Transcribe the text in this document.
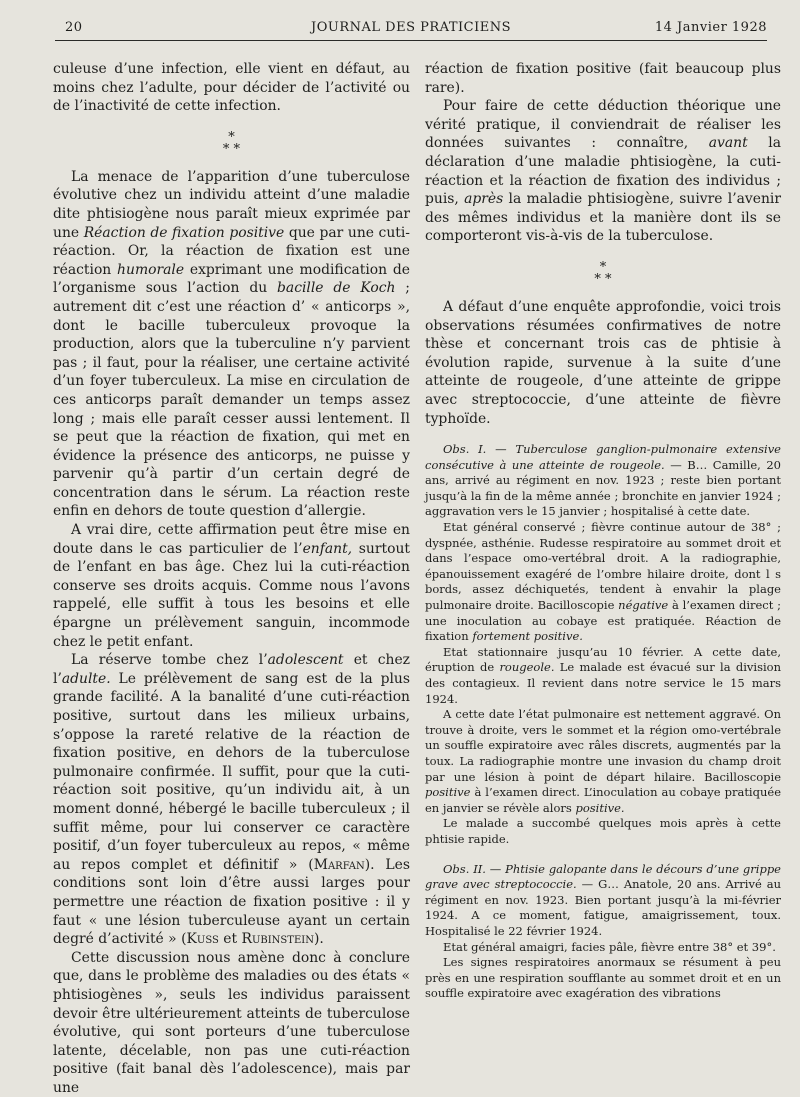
20	JOURNAL DES PRATICIENS	14 Janvier 1928

culeuse d’une infection, elle vient en défaut, au moins chez l’adulte, pour décider de l’activité ou de l’inactivité de cette infection.

*
* *

La menace de l’apparition d’une tuberculose évolutive chez un individu atteint d’une maladie dite phtisiogène nous paraît mieux exprimée par une Réaction de fixation positive que par une cuti-réaction. Or, la réaction de fixation est une réaction humorale exprimant une modification de l’organisme sous l’action du bacille de Koch ; autrement dit c’est une réaction d’ « anticorps », dont le bacille tuberculeux provoque la production, alors que la tuberculine n’y parvient pas ; il faut, pour la réaliser, une certaine activité d’un foyer tuberculeux. La mise en circulation de ces anticorps paraît demander un temps assez long ; mais elle paraît cesser aussi lentement. Il se peut que la réaction de fixation, qui met en évidence la présence des anticorps, ne puisse y parvenir qu’à partir d’un certain degré de concentration dans le sérum. La réaction reste enfin en dehors de toute question d’allergie.

A vrai dire, cette affirmation peut être mise en doute dans le cas particulier de l’enfant, surtout de l’enfant en bas âge. Chez lui la cuti-réaction conserve ses droits acquis. Comme nous l’avons rappelé, elle suffit à tous les besoins et elle épargne un prélèvement sanguin, incommode chez le petit enfant.

La réserve tombe chez l’adolescent et chez l’adulte. Le prélèvement de sang est de la plus grande facilité. A la banalité d’une cuti-réaction positive, surtout dans les milieux urbains, s’oppose la rareté relative de la réaction de fixation positive, en dehors de la tuberculose pulmonaire confirmée. Il suffit, pour que la cuti-réaction soit positive, qu’un individu ait, à un moment donné, hébergé le bacille tuberculeux ; il suffit même, pour lui conserver ce caractère positif, d’un foyer tuberculeux au repos, « même au repos complet et définitif » (Marfan). Les conditions sont loin d’être aussi larges pour permettre une réaction de fixation positive : il y faut « une lésion tuberculeuse ayant un certain degré d’activité » (Kuss et Rubinstein).

Cette discussion nous amène donc à conclure que, dans le problème des maladies ou des états « phtisiogènes », seuls les individus paraissent devoir être ultérieurement atteints de tuberculose évolutive, qui sont porteurs d’une tuberculose latente, décelable, non pas une cuti-réaction positive (fait banal dès l’adolescence), mais par une

réaction de fixation positive (fait beaucoup plus rare).

Pour faire de cette déduction théorique une vérité pratique, il conviendrait de réaliser les données suivantes : connaître, avant la déclaration d’une maladie phtisiogène, la cuti-réaction et la réaction de fixation des individus ; puis, après la maladie phtisiogène, suivre l’avenir des mêmes individus et la manière dont ils se comporteront vis-à-vis de la tuberculose.

*
* *

A défaut d’une enquête approfondie, voici trois observations résumées confirmatives de notre thèse et concernant trois cas de phtisie à évolution rapide, survenue à la suite d’une atteinte de rougeole, d’une atteinte de grippe avec streptococcie, d’une atteinte de fièvre typhoïde.

Obs. I. — Tuberculose ganglion-pulmonaire extensive consécutive à une atteinte de rougeole. — B… Camille, 20 ans, arrivé au régiment en nov. 1923 ; reste bien portant jusqu’à la fin de la même année ; bronchite en janvier 1924 ; aggravation vers le 15 janvier ; hospitalisé à cette date.

Etat général conservé ; fièvre continue autour de 38° ; dyspnée, asthénie. Rudesse respiratoire au sommet droit et dans l’espace omo-vertébral droit. A la radiographie, épanouissement exagéré de l’ombre hilaire droite, dont l s bords, assez déchiquetés, tendent à envahir la plage pulmonaire droite. Bacilloscopie négative à l’examen direct ; une inoculation au cobaye est pratiquée. Réaction de fixation fortement positive.

Etat stationnaire jusqu’au 10 février. A cette date, éruption de rougeole. Le malade est évacué sur la division des contagieux. Il revient dans notre service le 15 mars 1924.

A cette date l’état pulmonaire est nettement aggravé. On trouve à droite, vers le sommet et la région omo-vertébrale un souffle expiratoire avec râles discrets, augmentés par la toux. La radiographie montre une invasion du champ droit par une lésion à point de départ hilaire. Bacilloscopie positive à l’examen direct. L’inoculation au cobaye pratiquée en janvier se révèle alors positive.

Le malade a succombé quelques mois après à cette phtisie rapide.

Obs. II. — Phtisie galopante dans le décours d’une grippe grave avec streptococcie. — G… Anatole, 20 ans. Arrivé au régiment en nov. 1923. Bien portant jusqu’à la mi-février 1924. A ce moment, fatigue, amaigrissement, toux. Hospitalisé le 22 février 1924.

Etat général amaigri, facies pâle, fièvre entre 38° et 39°.

Les signes respiratoires anormaux se résument à peu près en une respiration soufflante au sommet droit et en un souffle expiratoire avec exagération des vibrations
